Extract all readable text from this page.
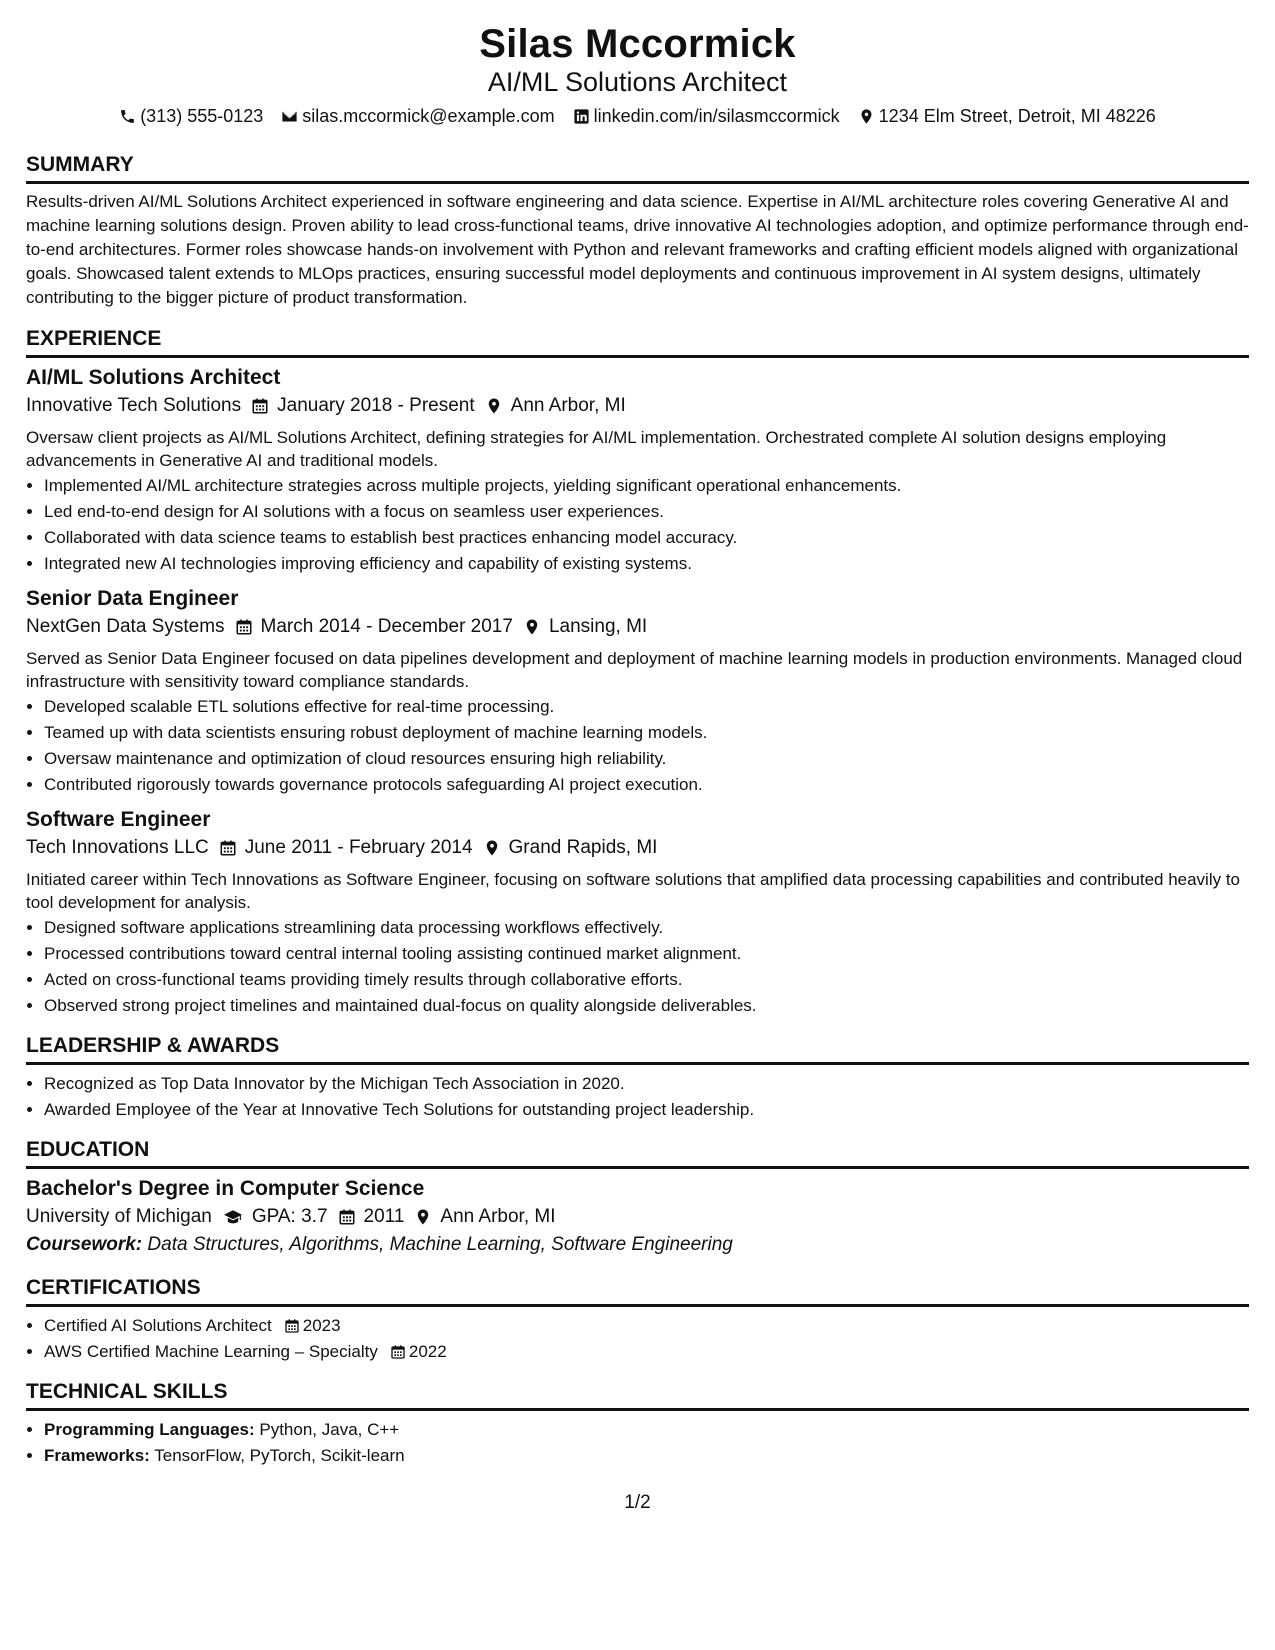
Silas Mccormick
AI/ML Solutions Architect
(313) 555-0123 silas.mccormick@example.com linkedin.com/in/silasmccormick 1234 Elm Street, Detroit, MI 48226
SUMMARY

Results-driven AI/ML Solutions Architect experienced in software engineering and data science. Expertise in AI/ML architecture roles covering Generative AI and machine learning solutions design. Proven ability to lead cross-functional teams, drive innovative AI technologies adoption, and optimize performance through end-to-end architectures. Former roles showcase hands-on involvement with Python and relevant frameworks and crafting efficient models aligned with organizational goals. Showcased talent extends to MLOps practices, ensuring successful model deployments and continuous improvement in AI system designs, ultimately contributing to the bigger picture of product transformation.

EXPERIENCE
AI/ML Solutions Architect
Innovative Tech Solutions January 2018 - Present Ann Arbor, MI

Oversaw client projects as AI/ML Solutions Architect, defining strategies for AI/ML implementation. Orchestrated complete AI solution designs employing advancements in Generative AI and traditional models.

• Implemented AI/ML architecture strategies across multiple projects, yielding significant operational enhancements.
• Led end-to-end design for AI solutions with a focus on seamless user experiences.
• Collaborated with data science teams to establish best practices enhancing model accuracy.
• Integrated new AI technologies improving efficiency and capability of existing systems.
Senior Data Engineer
NextGen Data Systems March 2014 - December 2017 Lansing, MI

Served as Senior Data Engineer focused on data pipelines development and deployment of machine learning models in production environments. Managed cloud infrastructure with sensitivity toward compliance standards.

• Developed scalable ETL solutions effective for real-time processing.
• Teamed up with data scientists ensuring robust deployment of machine learning models.
• Oversaw maintenance and optimization of cloud resources ensuring high reliability.
• Contributed rigorously towards governance protocols safeguarding AI project execution.
Software Engineer
Tech Innovations LLC June 2011 - February 2014 Grand Rapids, MI

Initiated career within Tech Innovations as Software Engineer, focusing on software solutions that amplified data processing capabilities and contributed heavily to tool development for analysis.

• Designed software applications streamlining data processing workflows effectively.
• Processed contributions toward central internal tooling assisting continued market alignment.
• Acted on cross-functional teams providing timely results through collaborative efforts.
• Observed strong project timelines and maintained dual-focus on quality alongside deliverables.
LEADERSHIP & AWARDS
• Recognized as Top Data Innovator by the Michigan Tech Association in 2020.
• Awarded Employee of the Year at Innovative Tech Solutions for outstanding project leadership.
EDUCATION
Bachelor's Degree in Computer Science
University of Michigan GPA: 3.7 2011 Ann Arbor, MI
Coursework: Data Structures, Algorithms, Machine Learning, Software Engineering
CERTIFICATIONS
• Certified AI Solutions Architect 2023
• AWS Certified Machine Learning – Specialty 2022
TECHNICAL SKILLS
• Programming Languages: Python, Java, C++
• Frameworks: TensorFlow, PyTorch, Scikit-learn
1/2
